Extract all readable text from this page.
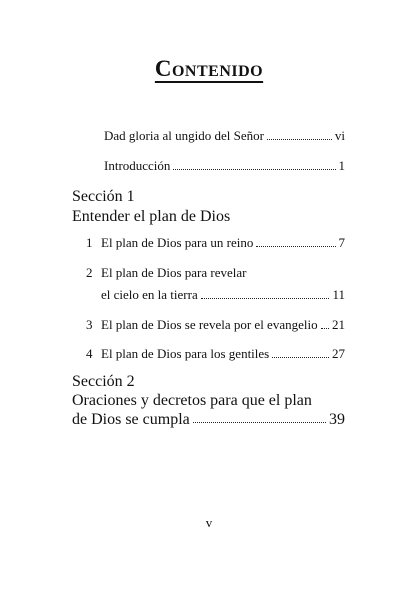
Contenido
Dad gloria al ungido del Señor	vi
Introducción	1
Sección 1
Entender el plan de Dios
1 El plan de Dios para un reino	7
2 El plan de Dios para revelar
el cielo en la tierra	11
3 El plan de Dios se revela por el evangelio 21
4 El plan de Dios para los gentiles	27
Sección 2
Oraciones y decretos para que el plan
de Dios se cumpla	39
v
